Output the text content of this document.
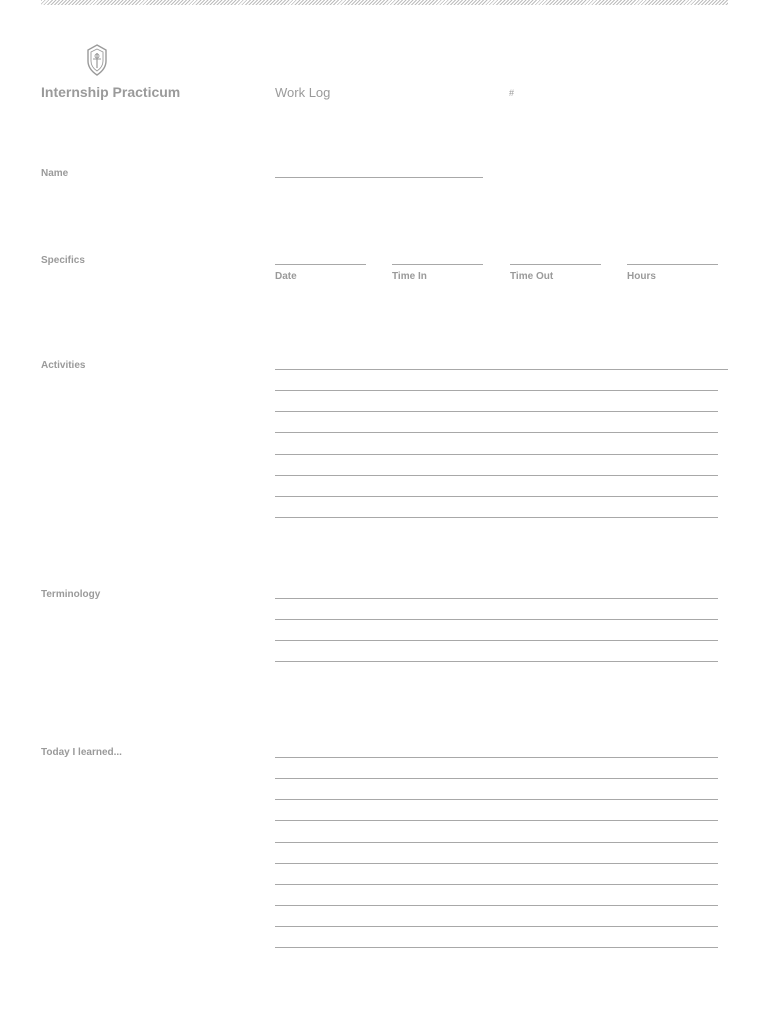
Internship Practicum	Work Log	#
Name
Specifics
Date	Time In	Time Out	Hours
Activities
Terminology
Today I learned...
